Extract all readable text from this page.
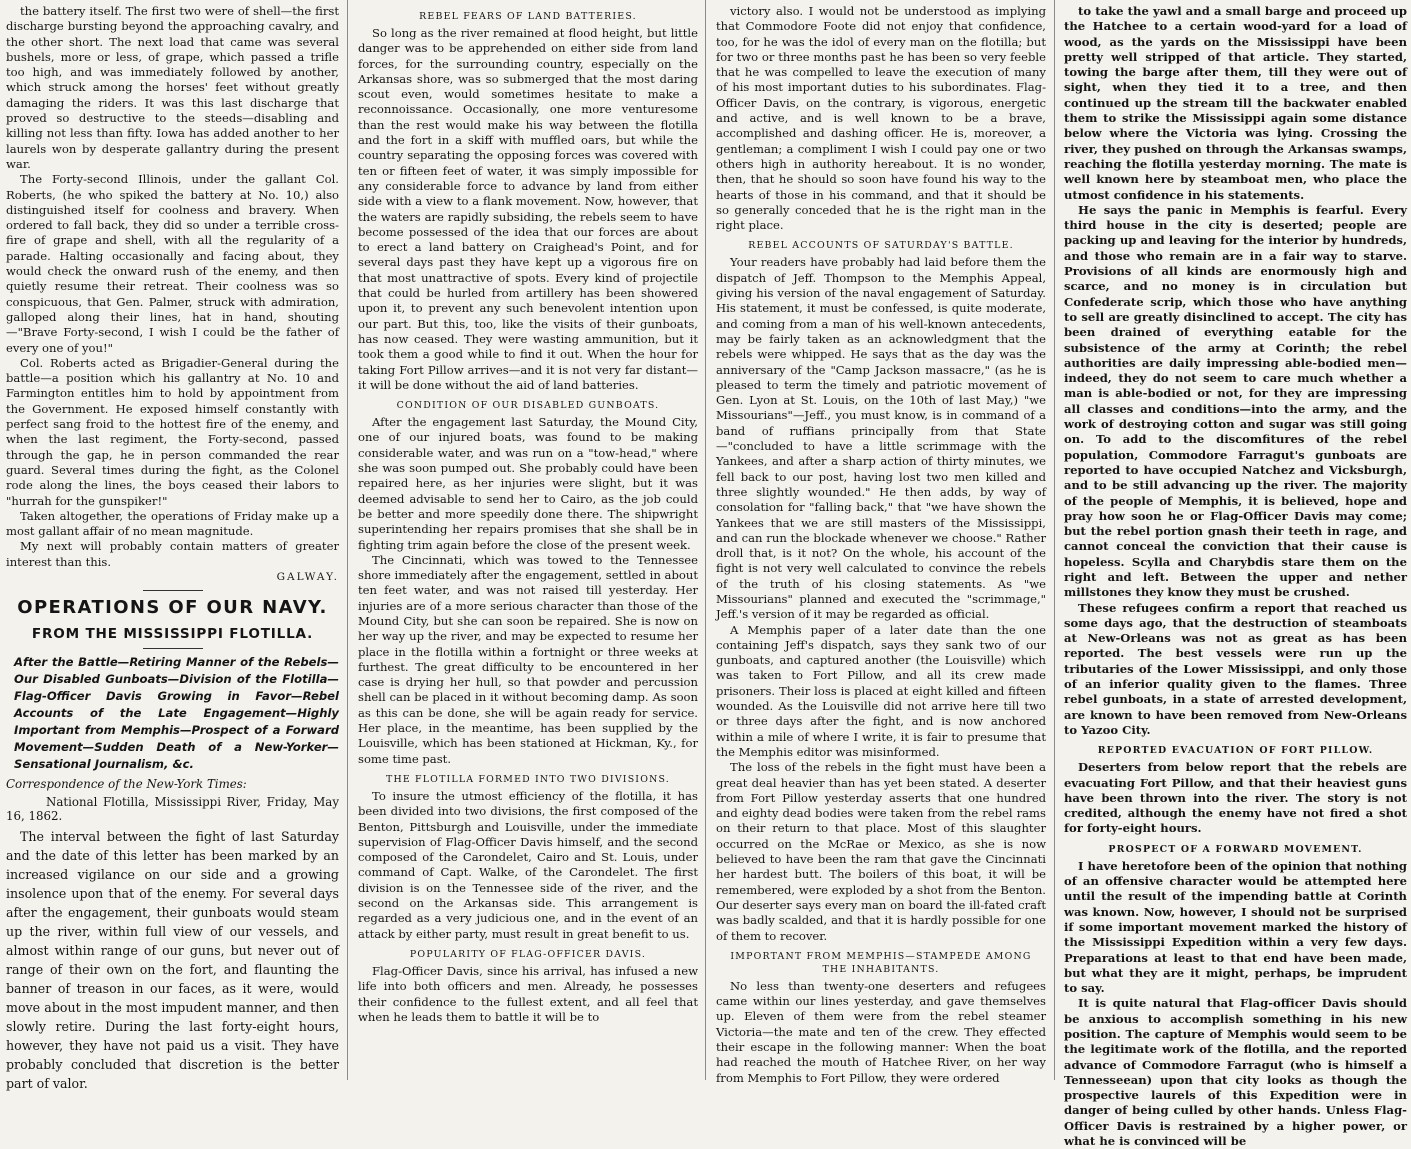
the battery itself. The first two were of shell—the first discharge bursting beyond the approaching cavalry, and the other short. The next load that came was several bushels, more or less, of grape, which passed a trifle too high, and was immediately followed by another, which struck among the horses' feet without greatly damaging the riders. It was this last discharge that proved so destructive to the steeds—disabling and killing not less than fifty. Iowa has added another to her laurels won by desperate gallantry during the present war.

The Forty-second Illinois, under the gallant Col. Roberts, (he who spiked the battery at No. 10,) also distinguished itself for coolness and bravery. When ordered to fall back, they did so under a terrible cross-fire of grape and shell, with all the regularity of a parade. Halting occasionally and facing about, they would check the onward rush of the enemy, and then quietly resume their retreat. Their coolness was so conspicuous, that Gen. Palmer, struck with admiration, galloped along their lines, hat in hand, shouting—"Brave Forty-second, I wish I could be the father of every one of you!"

Col. Roberts acted as Brigadier-General during the battle—a position which his gallantry at No. 10 and Farmington entitles him to hold by appointment from the Government. He exposed himself constantly with perfect sang froid to the hottest fire of the enemy, and when the last regiment, the Forty-second, passed through the gap, he in person commanded the rear guard. Several times during the fight, as the Colonel rode along the lines, the boys ceased their labors to "hurrah for the gunspiker!"

Taken altogether, the operations of Friday make up a most gallant affair of no mean magnitude.

My next will probably contain matters of greater interest than this.

GALWAY.
OPERATIONS OF OUR NAVY.
FROM THE MISSISSIPPI FLOTILLA.
After the Battle—Retiring Manner of the Rebels—Our Disabled Gunboats—Division of the Flotilla—Flag-Officer Davis Growing in Favor—Rebel Accounts of the Late Engagement—Highly Important from Memphis—Prospect of a Forward Movement—Sudden Death of a New-Yorker—Sensational Journalism, &c.
Correspondence of the New-York Times:
National Flotilla, Mississippi River, Friday, May 16, 1862.

The interval between the fight of last Saturday and the date of this letter has been marked by an increased vigilance on our side and a growing insolence upon that of the enemy. For several days after the engagement, their gunboats would steam up the river, within full view of our vessels, and almost within range of our guns, but never out of range of their own on the fort, and flaunting the banner of treason in our faces, as it were, would move about in the most impudent manner, and then slowly retire. During the last forty-eight hours, however, they have not paid us a visit. They have probably concluded that discretion is the better part of valor.

REBEL FEARS OF LAND BATTERIES.

So long as the river remained at flood height, but little danger was to be apprehended on either side from land forces, for the surrounding country, especially on the Arkansas shore, was so submerged that the most daring scout even, would sometimes hesitate to make a reconnoissance. Occasionally, one more venturesome than the rest would make his way between the flotilla and the fort in a skiff with muffled oars, but while the country separating the opposing forces was covered with ten or fifteen feet of water, it was simply impossible for any considerable force to advance by land from either side with a view to a flank movement. Now, however, that the waters are rapidly subsiding, the rebels seem to have become possessed of the idea that our forces are about to erect a land battery on Craighead's Point, and for several days past they have kept up a vigorous fire on that most unattractive of spots. Every kind of projectile that could be hurled from artillery has been showered upon it, to prevent any such benevolent intention upon our part. But this, too, like the visits of their gunboats, has now ceased. They were wasting ammunition, but it took them a good while to find it out. When the hour for taking Fort Pillow arrives—and it is not very far distant—it will be done without the aid of land batteries.

CONDITION OF OUR DISABLED GUNBOATS.

After the engagement last Saturday, the Mound City, one of our injured boats, was found to be making considerable water, and was run on a "tow-head," where she was soon pumped out. She probably could have been repaired here, as her injuries were slight, but it was deemed advisable to send her to Cairo, as the job could be better and more speedily done there. The shipwright superintending her repairs promises that she shall be in fighting trim again before the close of the present week.

The Cincinnati, which was towed to the Tennessee shore immediately after the engagement, settled in about ten feet water, and was not raised till yesterday. Her injuries are of a more serious character than those of the Mound City, but she can soon be repaired. She is now on her way up the river, and may be expected to resume her place in the flotilla within a fortnight or three weeks at furthest. The great difficulty to be encountered in her case is drying her hull, so that powder and percussion shell can be placed in it without becoming damp. As soon as this can be done, she will be again ready for service. Her place, in the meantime, has been supplied by the Louisville, which has been stationed at Hickman, Ky., for some time past.

THE FLOTILLA FORMED INTO TWO DIVISIONS.

To insure the utmost efficiency of the flotilla, it has been divided into two divisions, the first composed of the Benton, Pittsburgh and Louisville, under the immediate supervision of Flag-Officer Davis himself, and the second composed of the Carondelet, Cairo and St. Louis, under command of Capt. Walke, of the Carondelet. The first division is on the Tennessee side of the river, and the second on the Arkansas side. This arrangement is regarded as a very judicious one, and in the event of an attack by either party, must result in great benefit to us.

POPULARITY OF FLAG-OFFICER DAVIS.

Flag-Officer Davis, since his arrival, has infused a new life into both officers and men. Already, he possesses their confidence to the fullest extent, and all feel that when he leads them to battle it will be to

victory also. I would not be understood as implying that Commodore Foote did not enjoy that confidence, too, for he was the idol of every man on the flotilla; but for two or three months past he has been so very feeble that he was compelled to leave the execution of many of his most important duties to his subordinates. Flag-Officer Davis, on the contrary, is vigorous, energetic and active, and is well known to be a brave, accomplished and dashing officer. He is, moreover, a gentleman; a compliment I wish I could pay one or two others high in authority hereabout. It is no wonder, then, that he should so soon have found his way to the hearts of those in his command, and that it should be so generally conceded that he is the right man in the right place.

REBEL ACCOUNTS OF SATURDAY'S BATTLE.

Your readers have probably had laid before them the dispatch of Jeff. Thompson to the Memphis Appeal, giving his version of the naval engagement of Saturday. His statement, it must be confessed, is quite moderate, and coming from a man of his well-known antecedents, may be fairly taken as an acknowledgment that the rebels were whipped. He says that as the day was the anniversary of the "Camp Jackson massacre," (as he is pleased to term the timely and patriotic movement of Gen. Lyon at St. Louis, on the 10th of last May,) "we Missourians"—Jeff., you must know, is in command of a band of ruffians principally from that State—"concluded to have a little scrimmage with the Yankees, and after a sharp action of thirty minutes, we fell back to our post, having lost two men killed and three slightly wounded." He then adds, by way of consolation for "falling back," that "we have shown the Yankees that we are still masters of the Mississippi, and can run the blockade whenever we choose." Rather droll that, is it not? On the whole, his account of the fight is not very well calculated to convince the rebels of the truth of his closing statements. As "we Missourians" planned and executed the "scrimmage," Jeff.'s version of it may be regarded as official.

A Memphis paper of a later date than the one containing Jeff's dispatch, says they sank two of our gunboats, and captured another (the Louisville) which was taken to Fort Pillow, and all its crew made prisoners. Their loss is placed at eight killed and fifteen wounded. As the Louisville did not arrive here till two or three days after the fight, and is now anchored within a mile of where I write, it is fair to presume that the Memphis editor was misinformed.

The loss of the rebels in the fight must have been a great deal heavier than has yet been stated. A deserter from Fort Pillow yesterday asserts that one hundred and eighty dead bodies were taken from the rebel rams on their return to that place. Most of this slaughter occurred on the McRae or Mexico, as she is now believed to have been the ram that gave the Cincinnati her hardest butt. The boilers of this boat, it will be remembered, were exploded by a shot from the Benton. Our deserter says every man on board the ill-fated craft was badly scalded, and that it is hardly possible for one of them to recover.

IMPORTANT FROM MEMPHIS—STAMPEDE AMONG THE INHABITANTS.

No less than twenty-one deserters and refugees came within our lines yesterday, and gave themselves up. Eleven of them were from the rebel steamer Victoria—the mate and ten of the crew. They effected their escape in the following manner: When the boat had reached the mouth of Hatchee River, on her way from Memphis to Fort Pillow, they were ordered

to take the yawl and a small barge and proceed up the Hatchee to a certain wood-yard for a load of wood, as the yards on the Mississippi have been pretty well stripped of that article. They started, towing the barge after them, till they were out of sight, when they tied it to a tree, and then continued up the stream till the backwater enabled them to strike the Mississippi again some distance below where the Victoria was lying. Crossing the river, they pushed on through the Arkansas swamps, reaching the flotilla yesterday morning. The mate is well known here by steamboat men, who place the utmost confidence in his statements.

He says the panic in Memphis is fearful. Every third house in the city is deserted; people are packing up and leaving for the interior by hundreds, and those who remain are in a fair way to starve. Provisions of all kinds are enormously high and scarce, and no money is in circulation but Confederate scrip, which those who have anything to sell are greatly disinclined to accept. The city has been drained of everything eatable for the subsistence of the army at Corinth; the rebel authorities are daily impressing able-bodied men—indeed, they do not seem to care much whether a man is able-bodied or not, for they are impressing all classes and conditions—into the army, and the work of destroying cotton and sugar was still going on. To add to the discomfitures of the rebel population, Commodore Farragut's gunboats are reported to have occupied Natchez and Vicksburgh, and to be still advancing up the river. The majority of the people of Memphis, it is believed, hope and pray how soon he or Flag-Officer Davis may come; but the rebel portion gnash their teeth in rage, and cannot conceal the conviction that their cause is hopeless. Scylla and Charybdis stare them on the right and left. Between the upper and nether millstones they know they must be crushed.

These refugees confirm a report that reached us some days ago, that the destruction of steamboats at New-Orleans was not as great as has been reported. The best vessels were run up the tributaries of the Lower Mississippi, and only those of an inferior quality given to the flames. Three rebel gunboats, in a state of arrested development, are known to have been removed from New-Orleans to Yazoo City.

REPORTED EVACUATION OF FORT PILLOW.

Deserters from below report that the rebels are evacuating Fort Pillow, and that their heaviest guns have been thrown into the river. The story is not credited, although the enemy have not fired a shot for forty-eight hours.

PROSPECT OF A FORWARD MOVEMENT.

I have heretofore been of the opinion that nothing of an offensive character would be attempted here until the result of the impending battle at Corinth was known. Now, however, I should not be surprised if some important movement marked the history of the Mississippi Expedition within a very few days. Preparations at least to that end have been made, but what they are it might, perhaps, be imprudent to say.

It is quite natural that Flag-officer Davis should be anxious to accomplish something in his new position. The capture of Memphis would seem to be the legitimate work of the flotilla, and the reported advance of Commodore Farragut (who is himself a Tennesseean) upon that city looks as though the prospective laurels of this Expedition were in danger of being culled by other hands. Unless Flag-Officer Davis is restrained by a higher power, or what he is convinced will be
